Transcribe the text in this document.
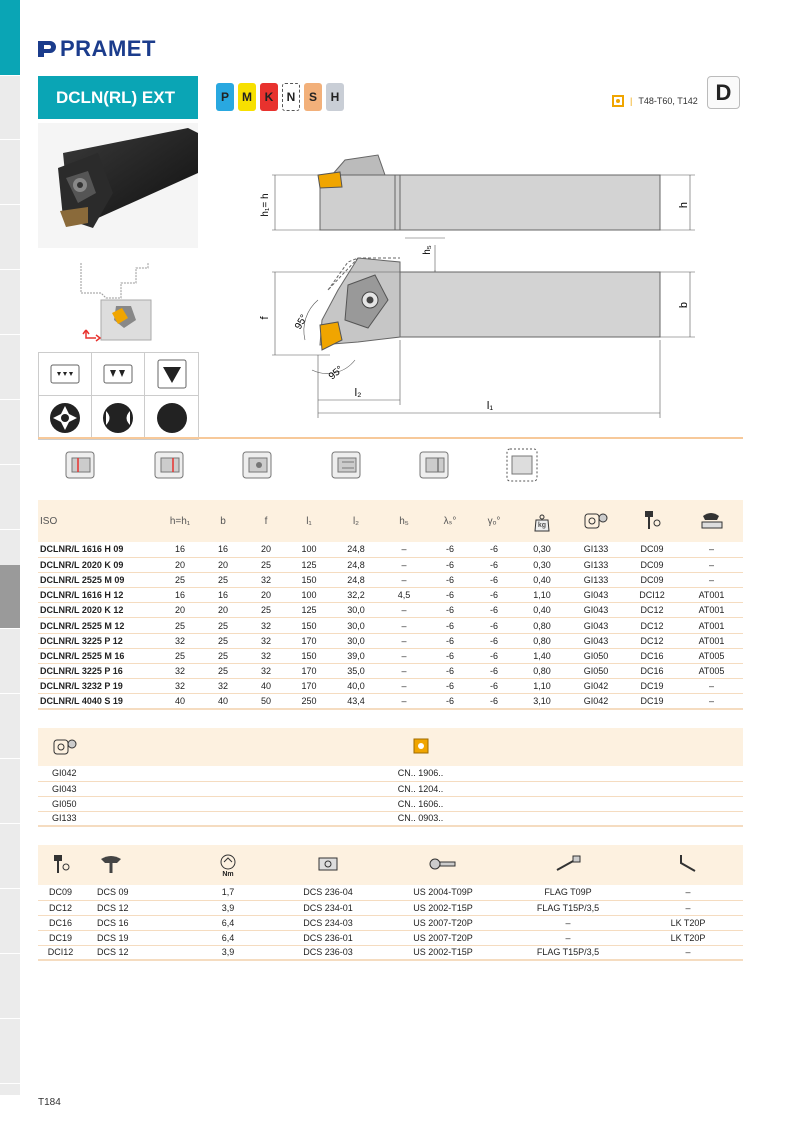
PRAMET
DCLN(RL) EXT	P	M	K	N	S	H	| T48-T60, T142 D
h₁= h	h
h₅
f
b
95°
95°
l₂
l₁
ISO	h=h₁	b	f	l₁	l₂	h₅	λₛ°	γₒ°	kg

DCLNR/L 1616 H 09	16	16	20	100	24,8	–	-6	-6	0,30	GI133	DC09	–
DCLNR/L 2020 K 09	20	20	25	125	24,8	–	-6	-6	0,30	GI133	DC09	–
DCLNR/L 2525 M 09	25	25	32	150	24,8	–	-6	-6	0,40	GI133	DC09	–
DCLNR/L 1616 H 12	16	16	20	100	32,2	4,5	-6	-6	1,10	GI043	DCI12	AT001
DCLNR/L 2020 K 12	20	20	25	125	30,0	–	-6	-6	0,40	GI043	DC12	AT001
DCLNR/L 2525 M 12	25	25	32	150	30,0	–	-6	-6	0,80	GI043	DC12	AT001
DCLNR/L 3225 P 12	32	25	32	170	30,0	–	-6	-6	0,80	GI043	DC12	AT001
DCLNR/L 2525 M 16	25	25	32	150	39,0	–	-6	-6	1,40	GI050	DC16	AT005
DCLNR/L 3225 P 16	32	25	32	170	35,0	–	-6	-6	0,80	GI050	DC16	AT005
DCLNR/L 3232 P 19	32	32	40	170	40,0	–	-6	-6	1,10	GI042	DC19	–
DCLNR/L 4040 S 19	40	40	50	250	43,4	–	-6	-6	3,10	GI042	DC19	–

GI042	CN.. 1906..
GI043	CN.. 1204..
GI050	CN.. 1606..
GI133	CN.. 0903..

Nm

DC09	DCS 09	1,7	DCS 236-04	US 2004-T09P	FLAG T09P	–
DC12	DCS 12	3,9	DCS 234-01	US 2002-T15P	FLAG T15P/3,5	–
DC16	DCS 16	6,4	DCS 234-03	US 2007-T20P	–	LK T20P
DC19	DCS 19	6,4	DCS 236-01	US 2007-T20P	–	LK T20P
DCI12	DCS 12	3,9	DCS 236-03	US 2002-T15P	FLAG T15P/3,5	–
T184
